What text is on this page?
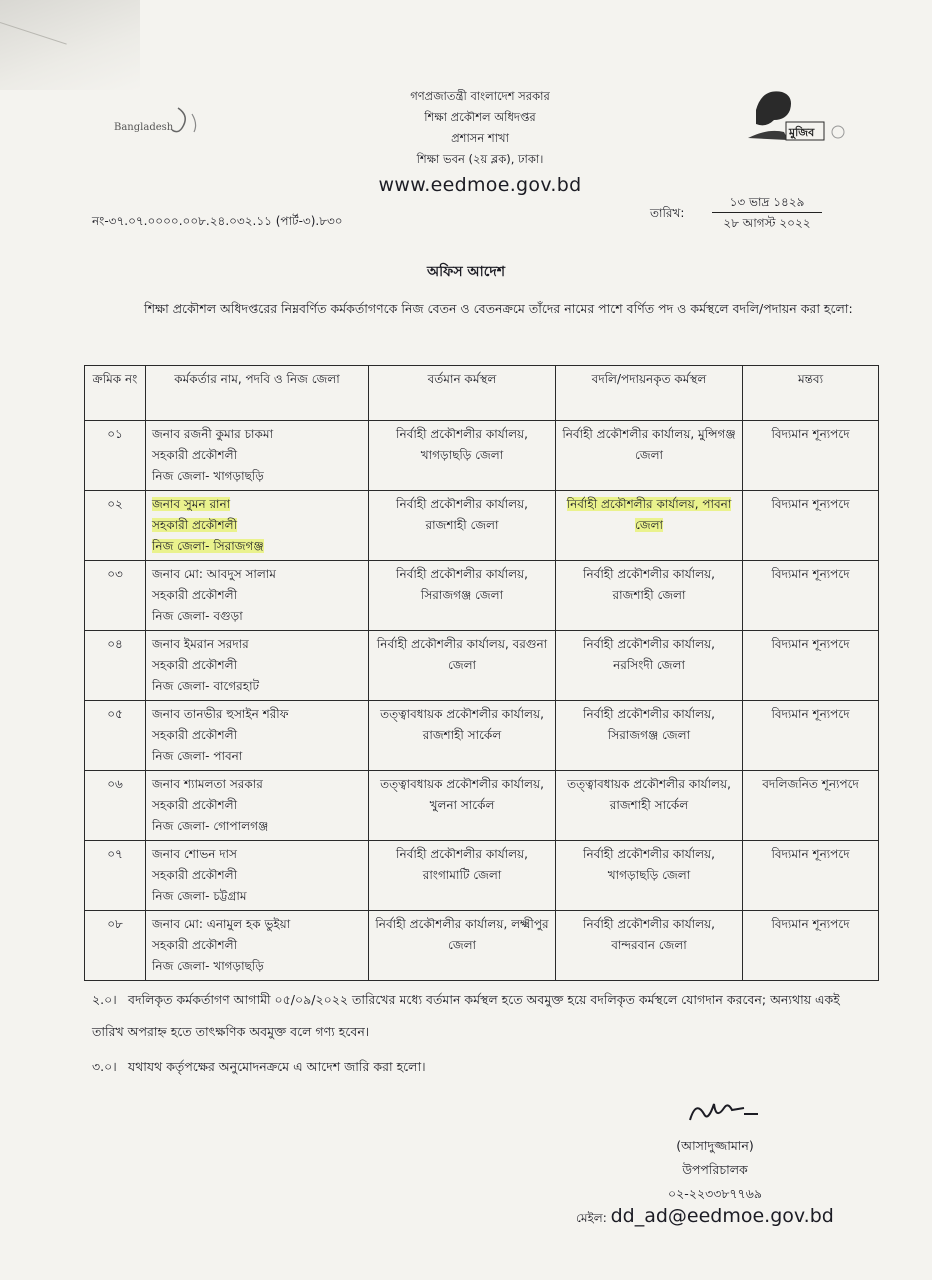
Bangladesh	মুজিব
গণপ্রজাতন্ত্রী বাংলাদেশ সরকার
শিক্ষা প্রকৌশল অধিদপ্তর
প্রশাসন শাখা
শিক্ষা ভবন (২য় ব্লক), ঢাকা।
www.eedmoe.gov.bd
নং-৩৭.০৭.০০০০.০০৮.২৪.০৩২.১১ (পার্ট-৩).৮৩০
তারিখ:
১৩ ভাদ্র ১৪২৯
২৮ আগস্ট ২০২২
অফিস আদেশ
শিক্ষা প্রকৌশল অধিদপ্তরের নিম্নবর্ণিত কর্মকর্তাগণকে নিজ বেতন ও বেতনক্রমে তাঁদের নামের পাশে বর্ণিত পদ ও কর্মস্থলে বদলি/পদায়ন করা হলো:
ক্রমিক নং	কর্মকর্তার নাম, পদবি ও নিজ জেলা	বর্তমান কর্মস্থল	বদলি/পদায়নকৃত কর্মস্থল	মন্তব্য
০১	জনাব রজনী কুমার চাকমা
সহকারী প্রকৌশলী
নিজ জেলা- খাগড়াছড়ি	নির্বাহী প্রকৌশলীর কার্যালয়, খাগড়াছড়ি জেলা	নির্বাহী প্রকৌশলীর কার্যালয়, মুন্সিগঞ্জ জেলা	বিদ্যমান শূন্যপদে
০২	জনাব সুমন রানা
সহকারী প্রকৌশলী
নিজ জেলা- সিরাজগঞ্জ	নির্বাহী প্রকৌশলীর কার্যালয়, রাজশাহী জেলা	নির্বাহী প্রকৌশলীর কার্যালয়, পাবনা জেলা	বিদ্যমান শূন্যপদে
০৩	জনাব মো: আবদুস সালাম
সহকারী প্রকৌশলী
নিজ জেলা- বগুড়া	নির্বাহী প্রকৌশলীর কার্যালয়, সিরাজগঞ্জ জেলা	নির্বাহী প্রকৌশলীর কার্যালয়, রাজশাহী জেলা	বিদ্যমান শূন্যপদে
০৪	জনাব ইমরান সরদার
সহকারী প্রকৌশলী
নিজ জেলা- বাগেরহাট	নির্বাহী প্রকৌশলীর কার্যালয়, বরগুনা জেলা	নির্বাহী প্রকৌশলীর কার্যালয়, নরসিংদী জেলা	বিদ্যমান শূন্যপদে
০৫	জনাব তানভীর হুসাইন শরীফ
সহকারী প্রকৌশলী
নিজ জেলা- পাবনা	তত্ত্বাবধায়ক প্রকৌশলীর কার্যালয়, রাজশাহী সার্কেল	নির্বাহী প্রকৌশলীর কার্যালয়, সিরাজগঞ্জ জেলা	বিদ্যমান শূন্যপদে
০৬	জনাব শ্যামলতা সরকার
সহকারী প্রকৌশলী
নিজ জেলা- গোপালগঞ্জ	তত্ত্বাবধায়ক প্রকৌশলীর কার্যালয়, খুলনা সার্কেল	তত্ত্বাবধায়ক প্রকৌশলীর কার্যালয়, রাজশাহী সার্কেল	বদলিজনিত শূন্যপদে
০৭	জনাব শোভন দাস
সহকারী প্রকৌশলী
নিজ জেলা- চট্টগ্রাম	নির্বাহী প্রকৌশলীর কার্যালয়, রাংগামাটি জেলা	নির্বাহী প্রকৌশলীর কার্যালয়, খাগড়াছড়ি জেলা	বিদ্যমান শূন্যপদে
০৮	জনাব মো: এনামুল হক ভুইয়া
সহকারী প্রকৌশলী
নিজ জেলা- খাগড়াছড়ি	নির্বাহী প্রকৌশলীর কার্যালয়, লক্ষ্মীপুর জেলা	নির্বাহী প্রকৌশলীর কার্যালয়, বান্দরবান জেলা	বিদ্যমান শূন্যপদে
২.০। বদলিকৃত কর্মকর্তাগণ আগামী ০৫/০৯/২০২২ তারিখের মধ্যে বর্তমান কর্মস্থল হতে অবমুক্ত হয়ে বদলিকৃত কর্মস্থলে যোগদান করবেন; অন্যথায় একই তারিখ অপরাহ্ন হতে তাৎক্ষণিক অবমুক্ত বলে গণ্য হবেন।
৩.০। যথাযথ কর্তৃপক্ষের অনুমোদনক্রমে এ আদেশ জারি করা হলো।
(আসাদুজ্জামান)
উপপরিচালক
০২-২২৩৩৮৭৭৬৯
মেইল: dd_ad@eedmoe.gov.bd
